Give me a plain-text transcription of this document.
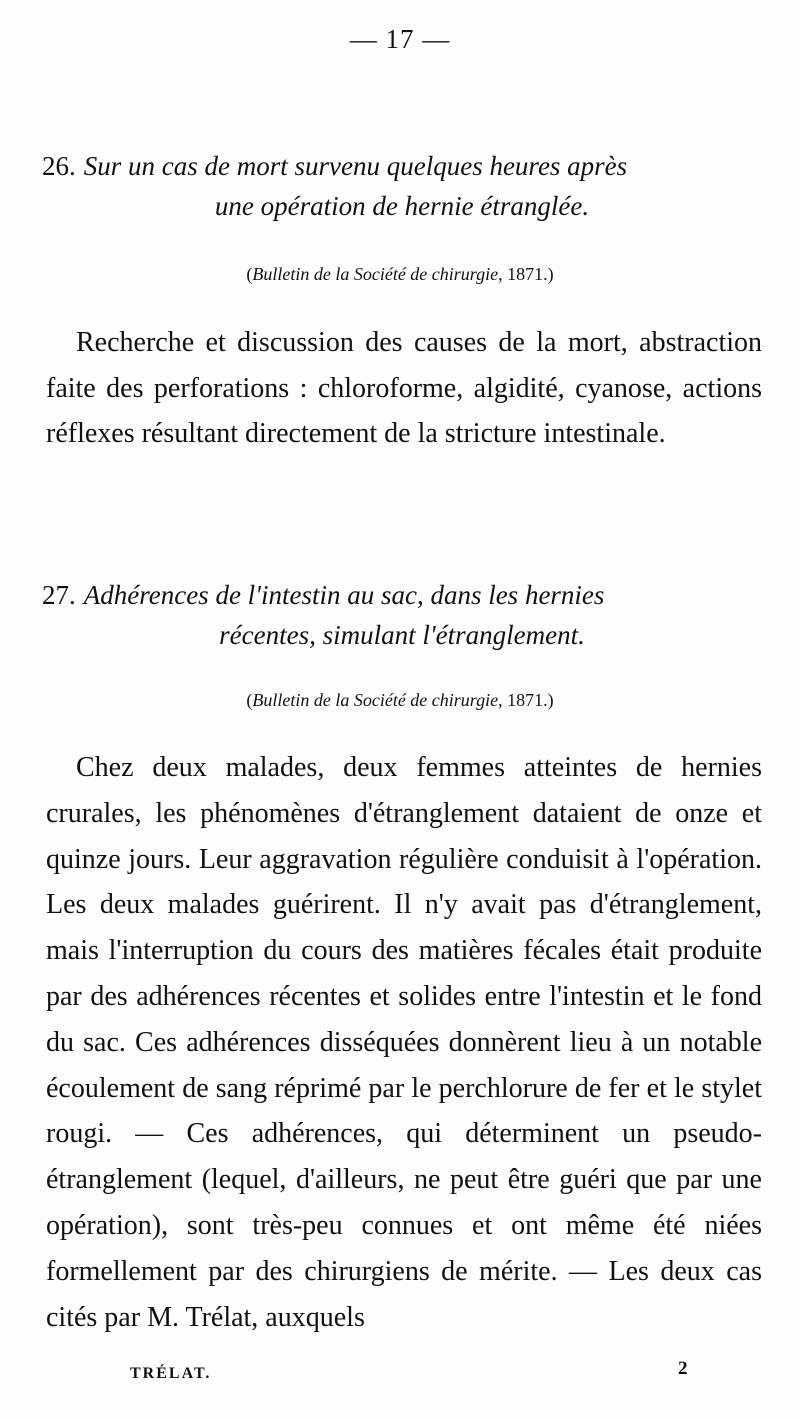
— 17 —
26. Sur un cas de mort survenu quelques heures après
une opération de hernie étranglée.
(Bulletin de la Société de chirurgie, 1871.)
Recherche et discussion des causes de la mort, abstraction faite des perforations : chloroforme, algidité, cyanose, actions réflexes résultant directement de la stricture intestinale.
27. Adhérences de l'intestin au sac, dans les hernies
récentes, simulant l'étranglement.
(Bulletin de la Société de chirurgie, 1871.)
Chez deux malades, deux femmes atteintes de hernies crurales, les phénomènes d'étranglement dataient de onze et quinze jours. Leur aggravation régulière conduisit à l'opération. Les deux malades guérirent. Il n'y avait pas d'étranglement, mais l'interruption du cours des matières fécales était produite par des adhérences récentes et solides entre l'intestin et le fond du sac. Ces adhérences disséquées donnèrent lieu à un notable écoulement de sang réprimé par le perchlorure de fer et le stylet rougi. — Ces adhérences, qui déterminent un pseudo-étranglement (lequel, d'ailleurs, ne peut être guéri que par une opération), sont très-peu connues et ont même été niées formellement par des chirurgiens de mérite. — Les deux cas cités par M. Trélat, auxquels
TRÉLAT.	2
